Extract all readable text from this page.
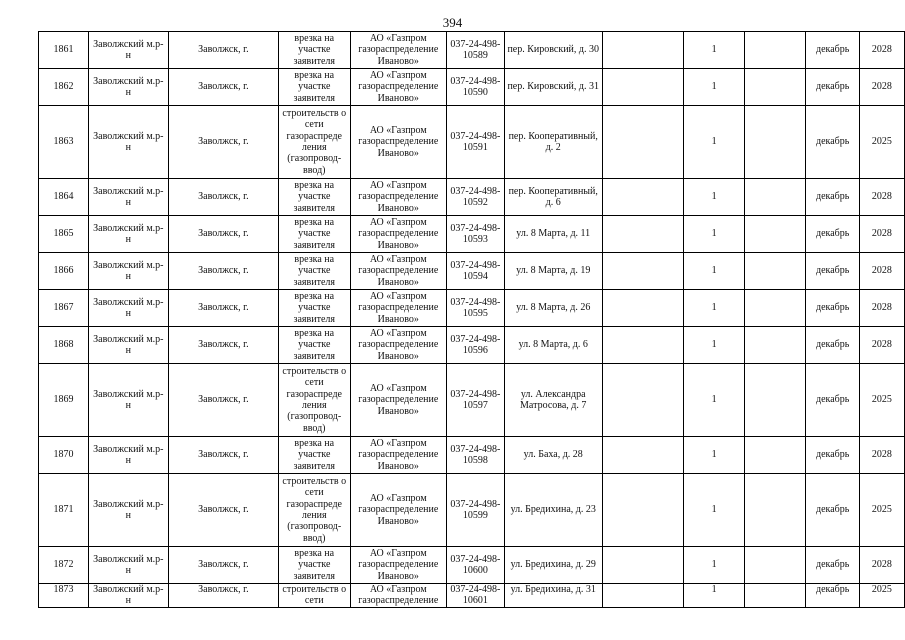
394
1861	Заволжский м.р-н	Заволжск, г.	врезка на участке заявителя	АО «Газпром газораспределение Иваново»	037-24-498-10589	пер. Кировский, д. 30		1		декабрь	2028
1862	Заволжский м.р-н	Заволжск, г.	врезка на участке заявителя	АО «Газпром газораспределение Иваново»	037-24-498-10590	пер. Кировский, д. 31		1		декабрь	2028
1863	Заволжский м.р-н	Заволжск, г.	строительств о сети газораспреде ления (газопровод-ввод)	АО «Газпром газораспределение Иваново»	037-24-498-10591	пер. Кооперативный, д. 2		1		декабрь	2025
1864	Заволжский м.р-н	Заволжск, г.	врезка на участке заявителя	АО «Газпром газораспределение Иваново»	037-24-498-10592	пер. Кооперативный, д. 6		1		декабрь	2028
1865	Заволжский м.р-н	Заволжск, г.	врезка на участке заявителя	АО «Газпром газораспределение Иваново»	037-24-498-10593	ул. 8 Марта, д. 11		1		декабрь	2028
1866	Заволжский м.р-н	Заволжск, г.	врезка на участке заявителя	АО «Газпром газораспределение Иваново»	037-24-498-10594	ул. 8 Марта, д. 19		1		декабрь	2028
1867	Заволжский м.р-н	Заволжск, г.	врезка на участке заявителя	АО «Газпром газораспределение Иваново»	037-24-498-10595	ул. 8 Марта, д. 26		1		декабрь	2028
1868	Заволжский м.р-н	Заволжск, г.	врезка на участке заявителя	АО «Газпром газораспределение Иваново»	037-24-498-10596	ул. 8 Марта, д. 6		1		декабрь	2028
1869	Заволжский м.р-н	Заволжск, г.	строительств о сети газораспреде ления (газопровод-ввод)	АО «Газпром газораспределение Иваново»	037-24-498-10597	ул. Александра Матросова, д. 7		1		декабрь	2025
1870	Заволжский м.р-н	Заволжск, г.	врезка на участке заявителя	АО «Газпром газораспределение Иваново»	037-24-498-10598	ул. Баха, д. 28		1		декабрь	2028
1871	Заволжский м.р-н	Заволжск, г.	строительств о сети газораспреде ления (газопровод-ввод)	АО «Газпром газораспределение Иваново»	037-24-498-10599	ул. Бредихина, д. 23		1		декабрь	2025
1872	Заволжский м.р-н	Заволжск, г.	врезка на участке заявителя	АО «Газпром газораспределение Иваново»	037-24-498-10600	ул. Бредихина, д. 29		1		декабрь	2028
1873	Заволжский м.р-н	Заволжск, г.	строительств о сети	АО «Газпром газораспределение	037-24-498-10601	ул. Бредихина, д. 31		1		декабрь	2025
